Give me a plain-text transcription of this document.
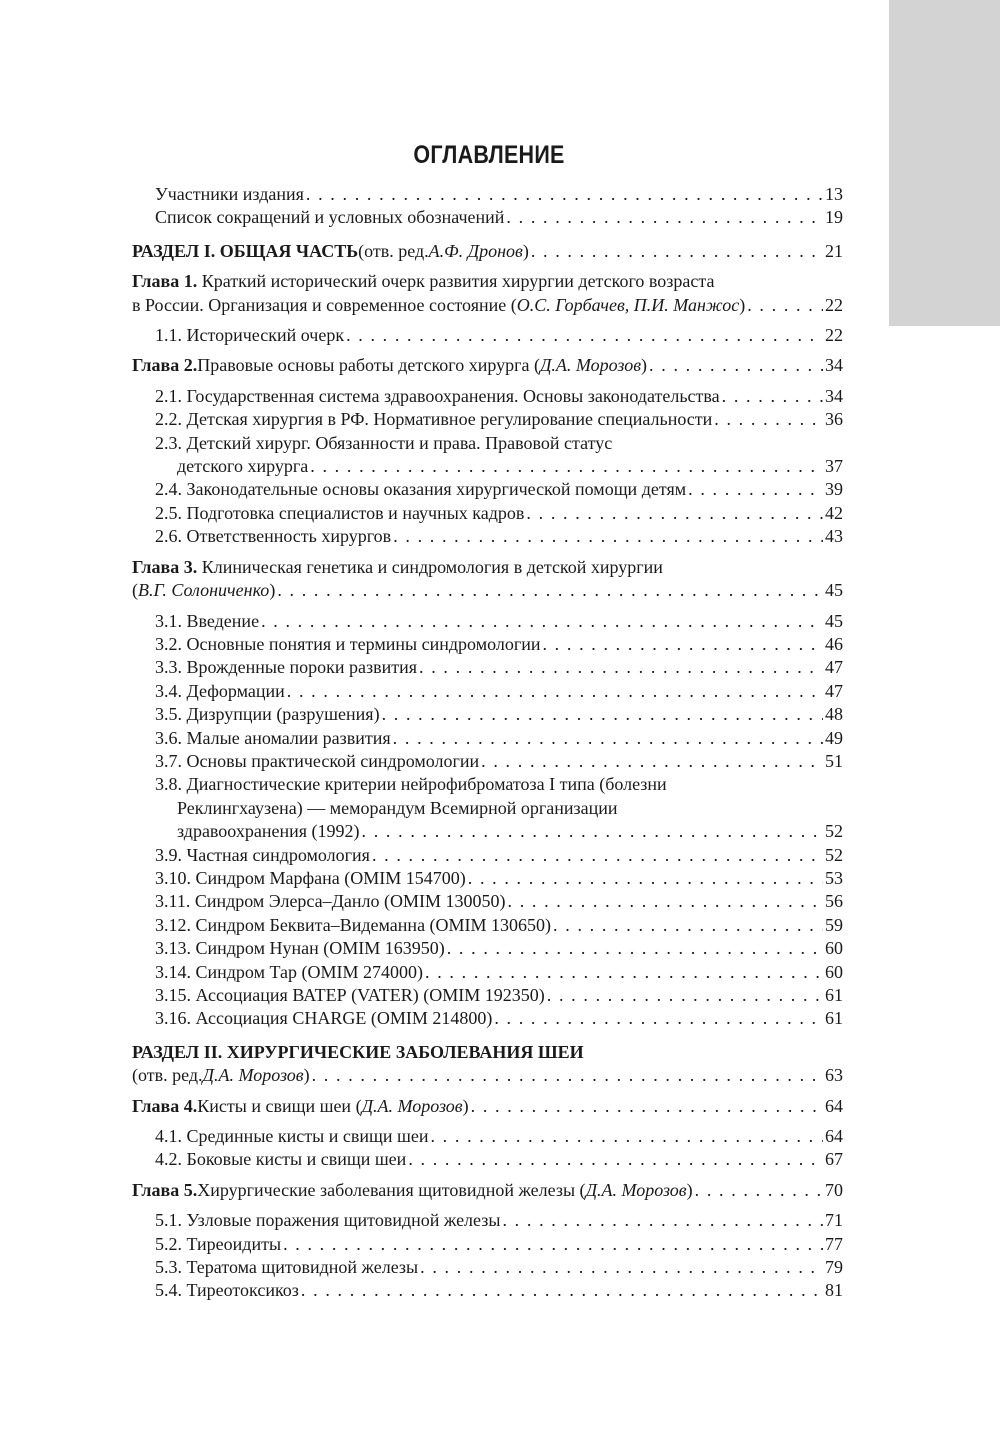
ОГЛАВЛЕНИЕ
Участники издания . . .	13
Список сокращений и условных обозначений . . .	19
РАЗДЕЛ I. ОБЩАЯ ЧАСТЬ (отв. ред. А.Ф. Дронов ) . . .	21
Глава 1. Краткий исторический очерк развития хирургии детского возраста
в России. Организация и современное состояние ( О.С. Горбачев, П.И. Манжос ) . . .	22
1.1. Исторический очерк . . .	22
Глава 2. Правовые основы работы детского хирурга ( Д.А. Морозов ) . . .	34
2.1. Государственная система здравоохранения. Основы законодательства . . .	34
2.2. Детская хирургия в РФ. Нормативное регулирование специальности . . .	36
2.3. Детский хирург. Обязанности и права. Правовой статус
детского хирурга . . .	37
2.4. Законодательные основы оказания хирургической помощи детям . . .	39
2.5. Подготовка специалистов и научных кадров . . .	42
2.6. Ответственность хирургов . . .	43
Глава 3. Клиническая генетика и синдромология в детской хирургии
( В.Г. Солониченко ) . . .	45
3.1. Введение . . .	45
3.2. Основные понятия и термины синдромологии . . .	46
3.3. Врожденные пороки развития . . .	47
3.4. Деформации . . .	47
3.5. Дизрупции (разрушения) . . .	48
3.6. Малые аномалии развития . . .	49
3.7. Основы практической синдромологии . . .	51
3.8. Диагностические критерии нейрофиброматоза I типа (болезни
Реклингхаузена) — меморандум Всемирной организации
здравоохранения (1992) . . .	52
3.9. Частная синдромология . . .	52
3.10. Синдром Марфана (OMIM 154700) . . .	53
3.11. Синдром Элерса–Данло (OMIM 130050) . . .	56
3.12. Синдром Беквита–Видеманна (OMIM 130650) . . .	59
3.13. Синдром Нунан (OMIM 163950) . . .	60
3.14. Синдром Тар (OMIM 274000) . . .	60
3.15. Ассоциация ВАТЕР (VATER) (OMIM 192350) . . .	61
3.16. Ассоциация CHARGE (OMIM 214800) . . .	61
РАЗДЕЛ II. ХИРУРГИЧЕСКИЕ ЗАБОЛЕВАНИЯ ШЕИ
(отв. ред. Д.А. Морозов ) . . .	63
Глава 4. Кисты и свищи шеи ( Д.А. Морозов ) . . .	64
4.1. Срединные кисты и свищи шеи . . .	64
4.2. Боковые кисты и свищи шеи . . .	67
Глава 5. Хирургические заболевания щитовидной железы ( Д.А. Морозов ) . . .	70
5.1. Узловые поражения щитовидной железы . . .	71
5.2. Тиреоидиты . . .	77
5.3. Тератома щитовидной железы . . .	79
5.4. Тиреотоксикоз . . .	81
